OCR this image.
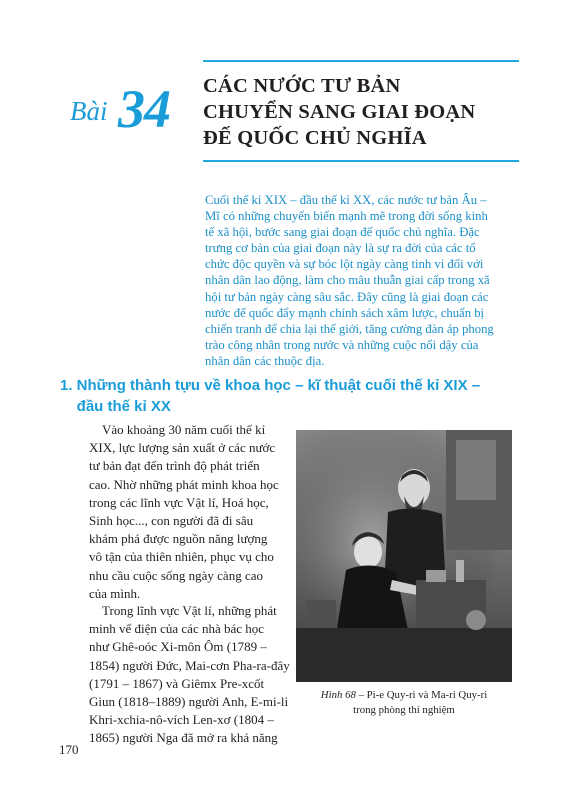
Bài 34 CÁC NƯỚC TƯ BẢN
CHUYỂN SANG GIAI ĐOẠN
ĐẾ QUỐC CHỦ NGHĨA
Cuối thế kỉ XIX – đầu thế kỉ XX, các nước tư bản Âu –
Mĩ có những chuyển biến mạnh mẽ trong đời sống kinh
tế xã hội, bước sang giai đoạn đế quốc chủ nghĩa. Đặc
trưng cơ bản của giai đoạn này là sự ra đời của các tổ
chức độc quyền và sự bóc lột ngày càng tinh vi đối với
nhân dân lao động, làm cho mâu thuẫn giai cấp trong xã
hội tư bản ngày càng sâu sắc. Đây cũng là giai đoạn các
nước đế quốc đẩy mạnh chính sách xâm lược, chuẩn bị
chiến tranh để chia lại thế giới, tăng cường đàn áp phong
trào công nhân trong nước và những cuộc nổi dậy của
nhân dân các thuộc địa.
1. Những thành tựu về khoa học – kĩ thuật cuối thế kỉ XIX –
đầu thế kỉ XX
Vào khoảng 30 năm cuối thế kỉ
XIX, lực lượng sản xuất ở các nước
tư bản đạt đến trình độ phát triển
cao. Nhờ những phát minh khoa học
trong các lĩnh vực Vật lí, Hoá học,
Sinh học..., con người đã đi sâu
khám phá được nguồn năng lượng
vô tận của thiên nhiên, phục vụ cho
nhu cầu cuộc sống ngày càng cao
của mình.
Trong lĩnh vực Vật lí, những phát
minh vế điện của các nhà bác học
như Ghê-oóc Xi-môn Ôm (1789 –
1854) người Đức, Mai-cơn Pha-ra-đây
(1791 – 1867) và Giêmx Pre-xcốt
Giun (1818–1889) người Anh, E-mi-li
Khri-xchia-nô-vích Len-xơ (1804 –
1865) người Nga đã mở ra khả năng
Hình 68 – Pi-e Quy-ri và Ma-ri Quy-ri
trong phòng thí nghiệm
170
